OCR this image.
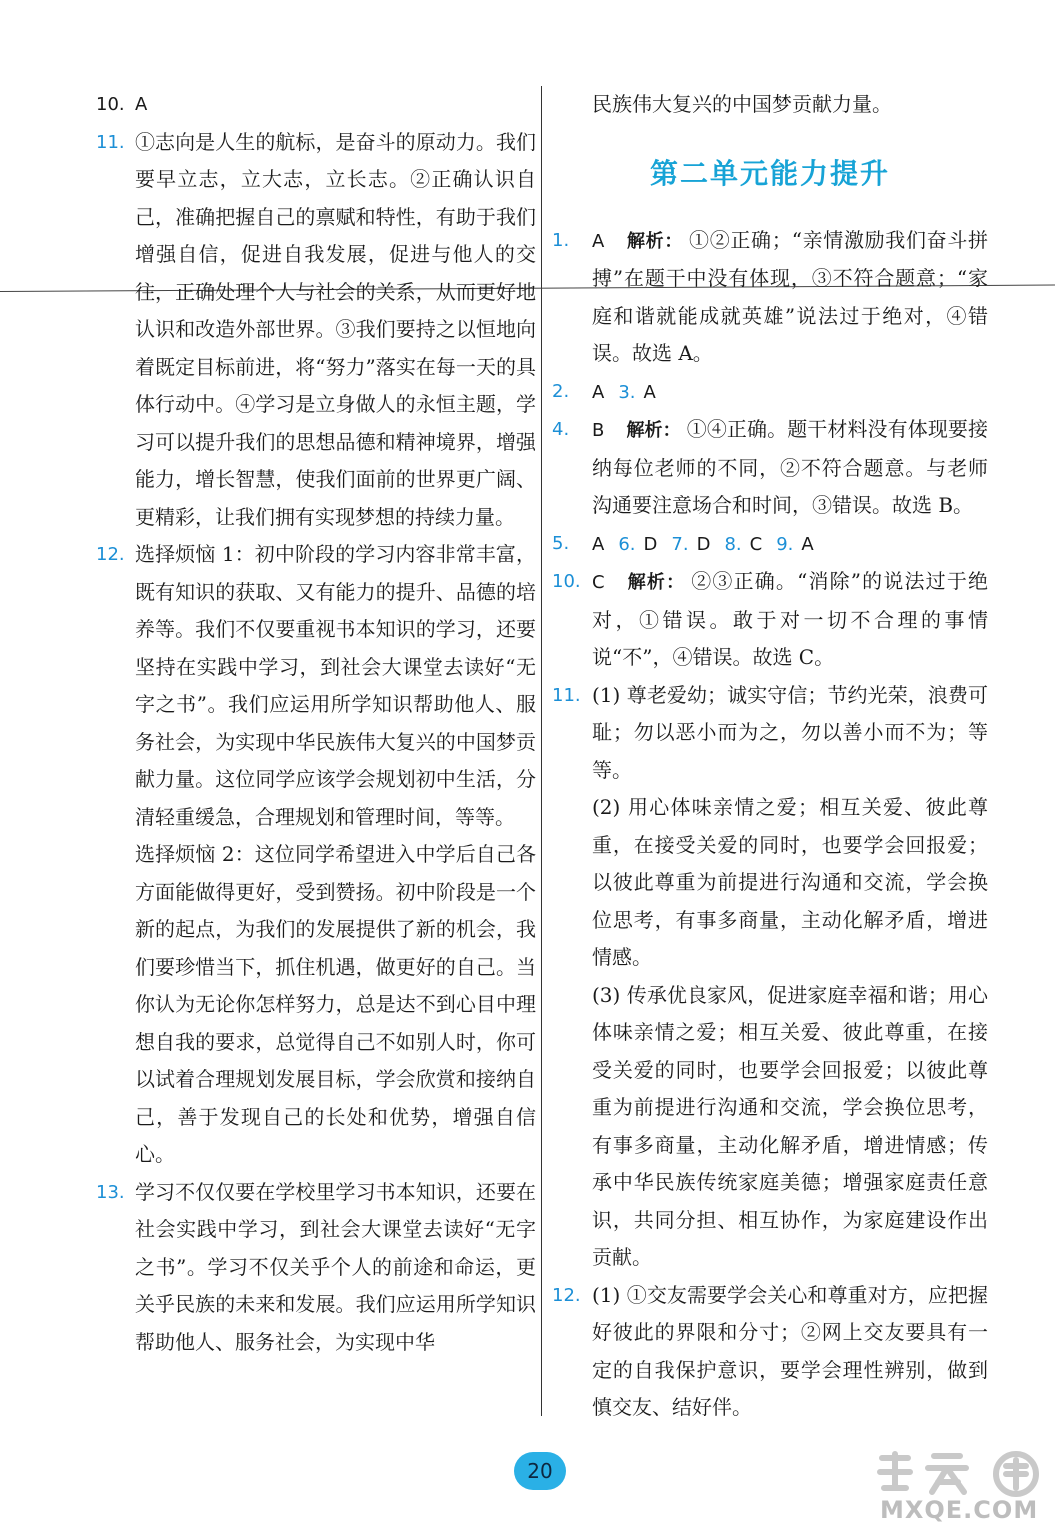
10. A
11. ①志向是人生的航标，是奋斗的原动力。我们要早立志，立大志，立长志。②正确认识自己，准确把握自己的禀赋和特性，有助于我们增强自信，促进自我发展，促进与他人的交往，正确处理个人与社会的关系，从而更好地认识和改造外部世界。③我们要持之以恒地向着既定目标前进，将“努力”落实在每一天的具体行动中。④学习是立身做人的永恒主题，学习可以提升我们的思想品德和精神境界，增强能力，增长智慧，使我们面前的世界更广阔、更精彩，让我们拥有实现梦想的持续力量。
12. 选择烦恼 1：初中阶段的学习内容非常丰富，既有知识的获取、又有能力的提升、品德的培养等。我们不仅要重视书本知识的学习，还要坚持在实践中学习，到社会大课堂去读好“无字之书”。我们应运用所学知识帮助他人、服务社会，为实现中华民族伟大复兴的中国梦贡献力量。这位同学应该学会规划初中生活，分清轻重缓急，合理规划和管理时间，等等。
选择烦恼 2：这位同学希望进入中学后自己各方面能做得更好，受到赞扬。初中阶段是一个新的起点，为我们的发展提供了新的机会，我们要珍惜当下，抓住机遇，做更好的自己。当你认为无论你怎样努力，总是达不到心目中理想自我的要求，总觉得自己不如别人时，你可以试着合理规划发展目标，学会欣赏和接纳自己，善于发现自己的长处和优势，增强自信心。
13. 学习不仅仅要在学校里学习书本知识，还要在社会实践中学习，到社会大课堂去读好“无字之书”。学习不仅关乎个人的前途和命运，更关乎民族的未来和发展。我们应运用所学知识帮助他人、服务社会，为实现中华
民族伟大复兴的中国梦贡献力量。
第二单元能力提升
1.	A 解析： ①②正确；“亲情激励我们奋斗拼搏”在题干中没有体现，③不符合题意；“家庭和谐就能成就英雄”说法过于绝对，④错误。故选 A。
2.	A 3. A
4.	B 解析： ①④正确。题干材料没有体现要接纳每位老师的不同，②不符合题意。与老师沟通要注意场合和时间，③错误。故选 B。
5.	A 6. D 7. D 8. C 9. A
10. C 解析： ②③正确。“消除”的说法过于绝对，①错误。敢于对一切不合理的事情说“不”，④错误。故选 C。
11. (1) 尊老爱幼；诚实守信；节约光荣，浪费可耻；勿以恶小而为之，勿以善小而不为；等等。
(2) 用心体味亲情之爱；相互关爱、彼此尊重，在接受关爱的同时，也要学会回报爱；以彼此尊重为前提进行沟通和交流，学会换位思考，有事多商量，主动化解矛盾，增进情感。
(3) 传承优良家风，促进家庭幸福和谐；用心体味亲情之爱；相互关爱、彼此尊重，在接受关爱的同时，也要学会回报爱；以彼此尊重为前提进行沟通和交流，学会换位思考，有事多商量，主动化解矛盾，增进情感；传承中华民族传统家庭美德；增强家庭责任意识，共同分担、相互协作，为家庭建设作出贡献。
12. (1) ①交友需要学会关心和尊重对方，应把握好彼此的界限和分寸；②网上交友要具有一定的自我保护意识，要学会理性辨别，做到慎交友、结好伴。
20
MXQE.COM
